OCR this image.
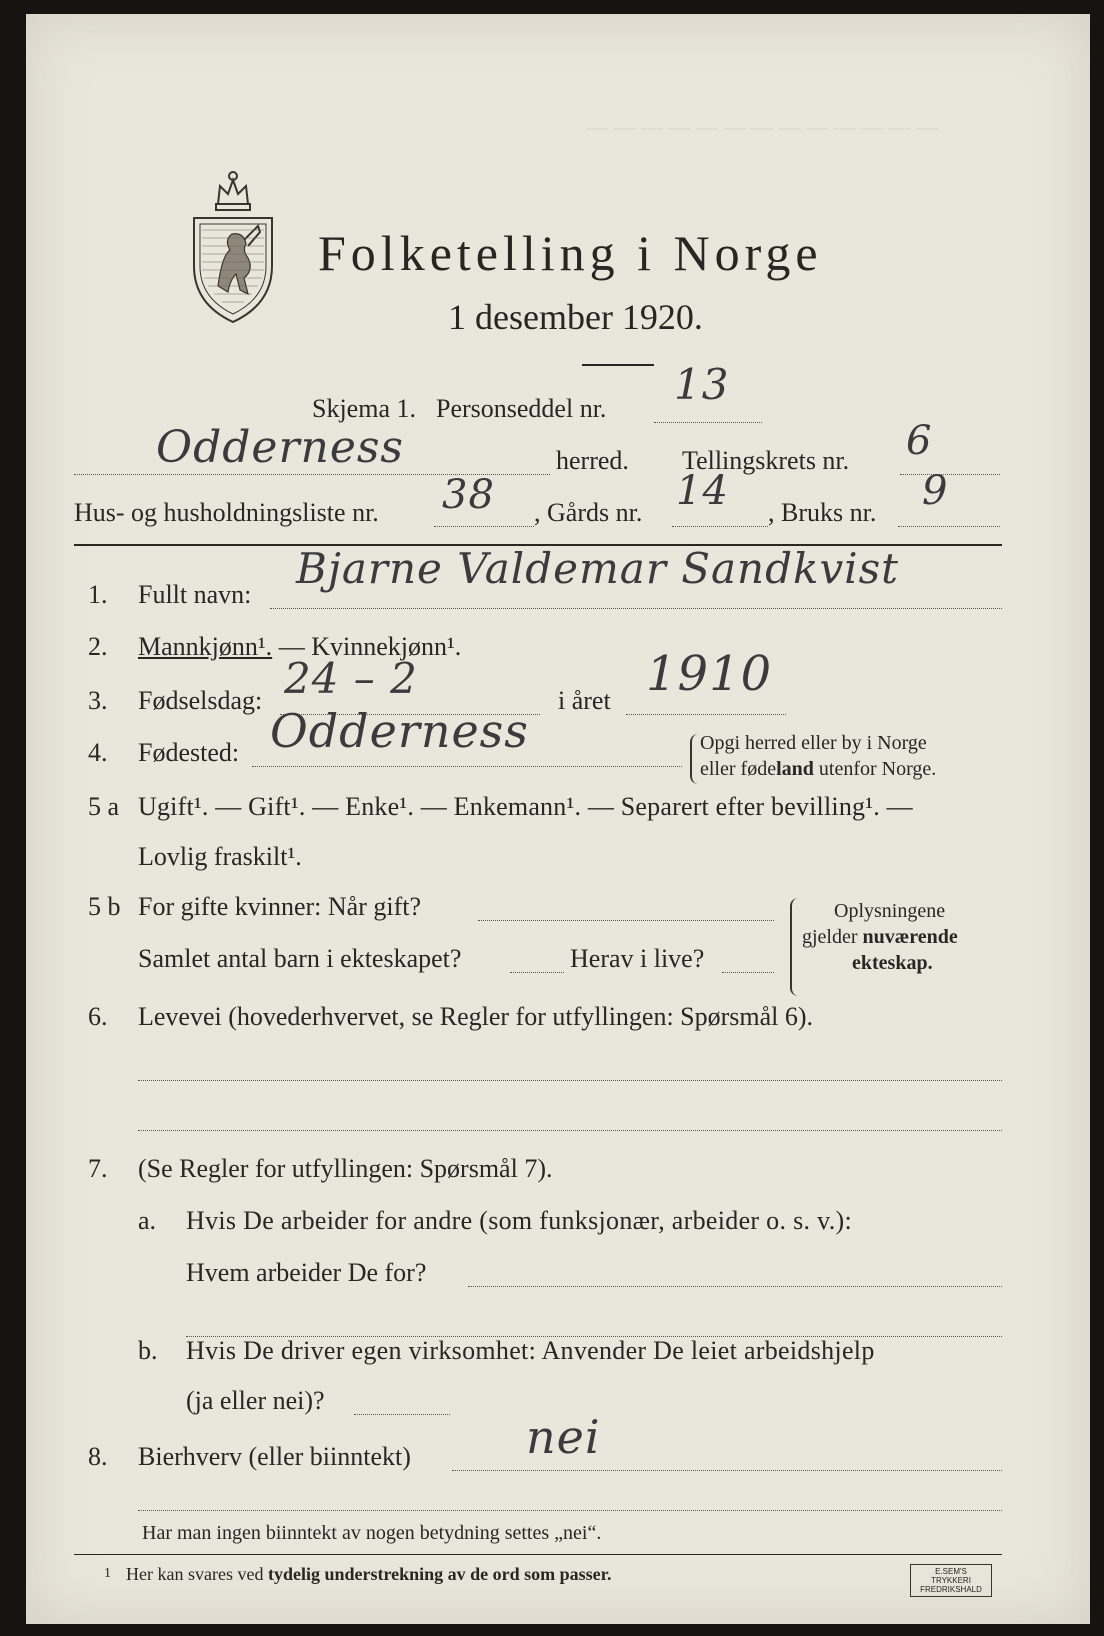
— — — — — — — — — — — — —
Folketelling i Norge
1 desember 1920.
Skjema 1. Personseddel nr. 13
Odderness	herred. Tellingskrets nr. 6
Hus- og husholdningsliste nr. 38 , Gårds nr. 14 , Bruks nr. 9
1. Fullt navn:
Bjarne Valdemar Sandkvist
2. Mannkjønn¹. — Kvinnekjønn¹.
3. Fødselsdag: 24 – 2	i året 1910
4. Fødested: Odderness	Opgi herred eller by i Norge
eller fødeland utenfor Norge.
5 a Ugift¹. — Gift¹. — Enke¹. — Enkemann¹. — Separert efter bevilling¹. —
Lovlig fraskilt¹.
5 b For gifte kvinner: Når gift?
Samlet antal barn i ekteskapet?	Herav i live?
Oplysningene
gjelder nuværende
ekteskap.
6. Levevei (hovederhvervet, se Regler for utfyllingen: Spørsmål 6).
7. (Se Regler for utfyllingen: Spørsmål 7).
a. Hvis De arbeider for andre (som funksjonær, arbeider o. s. v.):
Hvem arbeider De for?
b. Hvis De driver egen virksomhet: Anvender De leiet arbeidshjelp
(ja eller nei)?
8. Bierhverv (eller biinntekt)	nei
Har man ingen biinntekt av nogen betydning settes „nei“.
1 Her kan svares ved tydelig understrekning av de ord som passer.	E.SEM'S TRYKKERI FREDRIKSHALD
